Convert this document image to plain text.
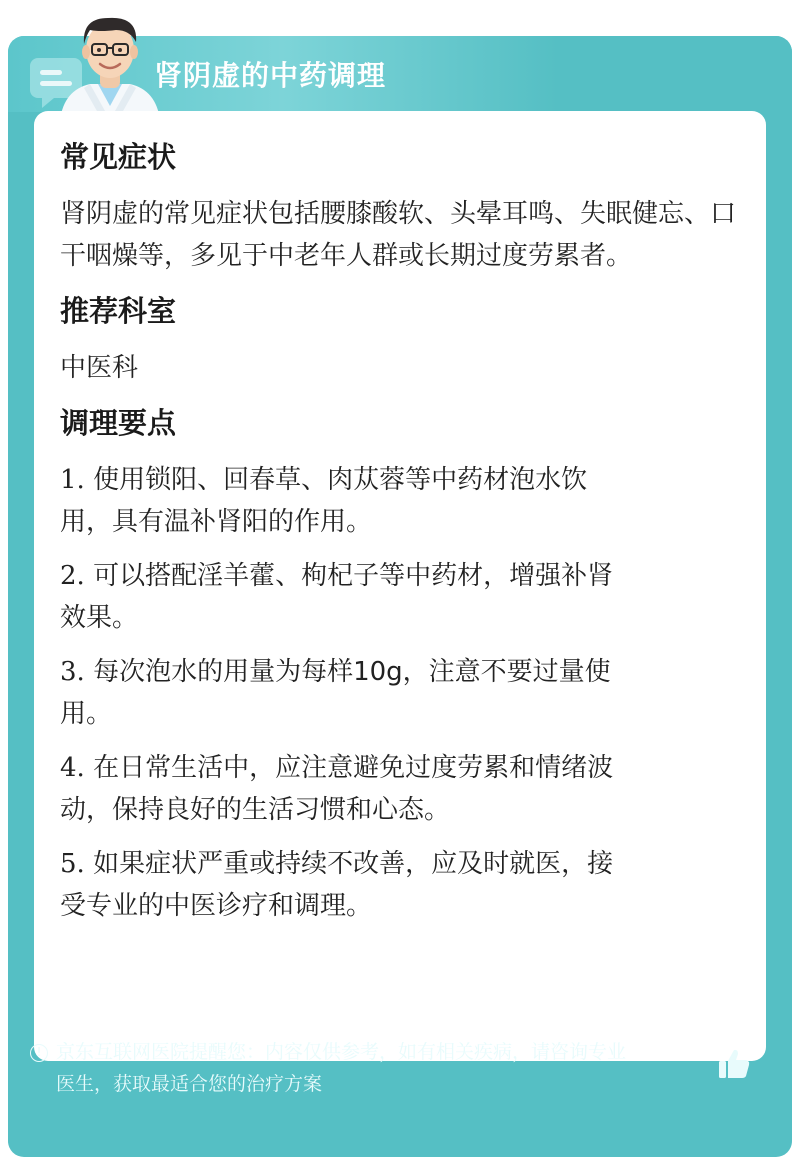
肾阴虚的中药调理
常见症状
肾阴虚的常见症状包括腰膝酸软、头晕耳鸣、失眠健忘、口干咽燥等，多见于中老年人群或长期过度劳累者。
推荐科室
中医科
调理要点
1. 使用锁阳、回春草、肉苁蓉等中药材泡水饮
用，具有温补肾阳的作用。
2. 可以搭配淫羊藿、枸杞子等中药材，增强补肾
效果。
3. 每次泡水的用量为每样10g，注意不要过量使
用。
4. 在日常生活中，应注意避免过度劳累和情绪波
动，保持良好的生活习惯和心态。
5. 如果症状严重或持续不改善，应及时就医，接
受专业的中医诊疗和调理。
! 京东互联网医院提醒您：内容仅供参考，如有相关疾病，请咨询专业
医生，获取最适合您的治疗方案
